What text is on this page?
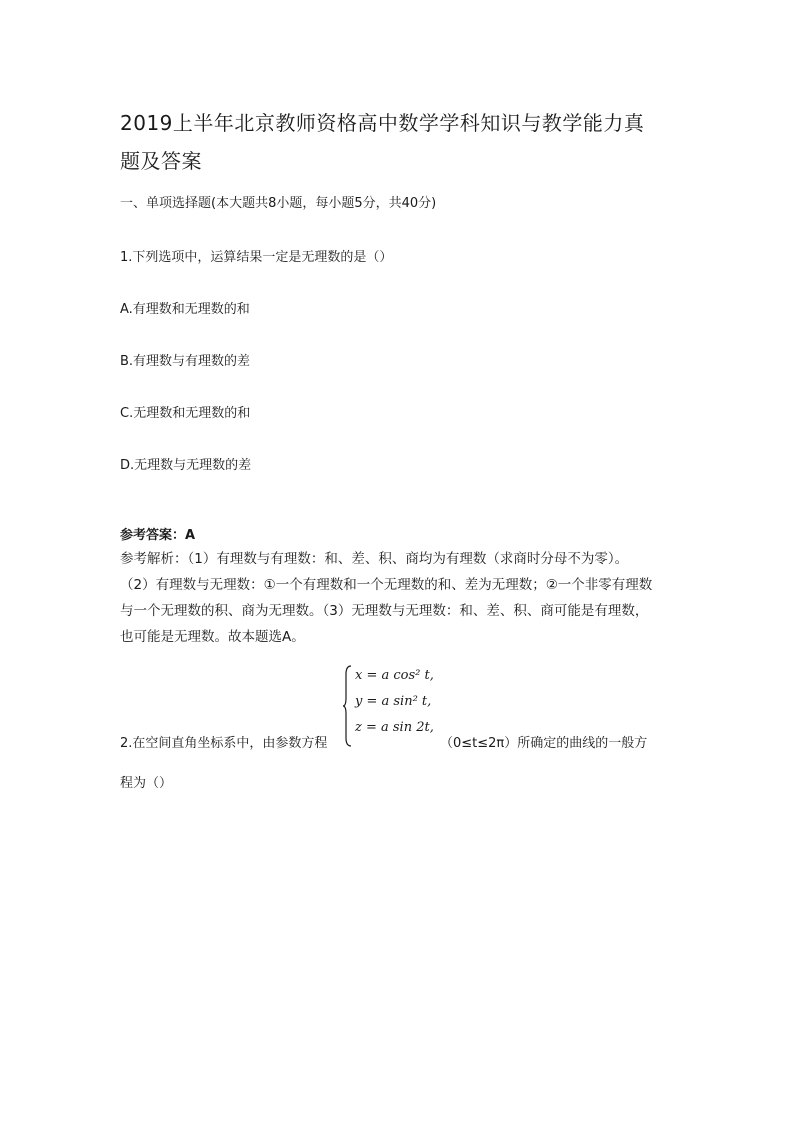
2019上半年北京教师资格高中数学学科知识与教学能力真
题及答案
一、单项选择题(本大题共8小题，每小题5分，共40分)
1.下列选项中，运算结果一定是无理数的是（）
A.有理数和无理数的和
B.有理数与有理数的差
C.无理数和无理数的和
D.无理数与无理数的差
参考答案：A
参考解析：（1）有理数与有理数：和、差、积、商均为有理数（求商时分母不为零）。
（2）有理数与无理数：①一个有理数和一个无理数的和、差为无理数；②一个非零有理数
与一个无理数的积、商为无理数。（3）无理数与无理数：和、差、积、商可能是有理数，
也可能是无理数。故本题选A。
x = a cos² t,
y = a sin² t,
z = a sin 2t,
2.在空间直角坐标系中，由参数方程	（0≤t≤2π）所确定的曲线的一般方
程为（）
